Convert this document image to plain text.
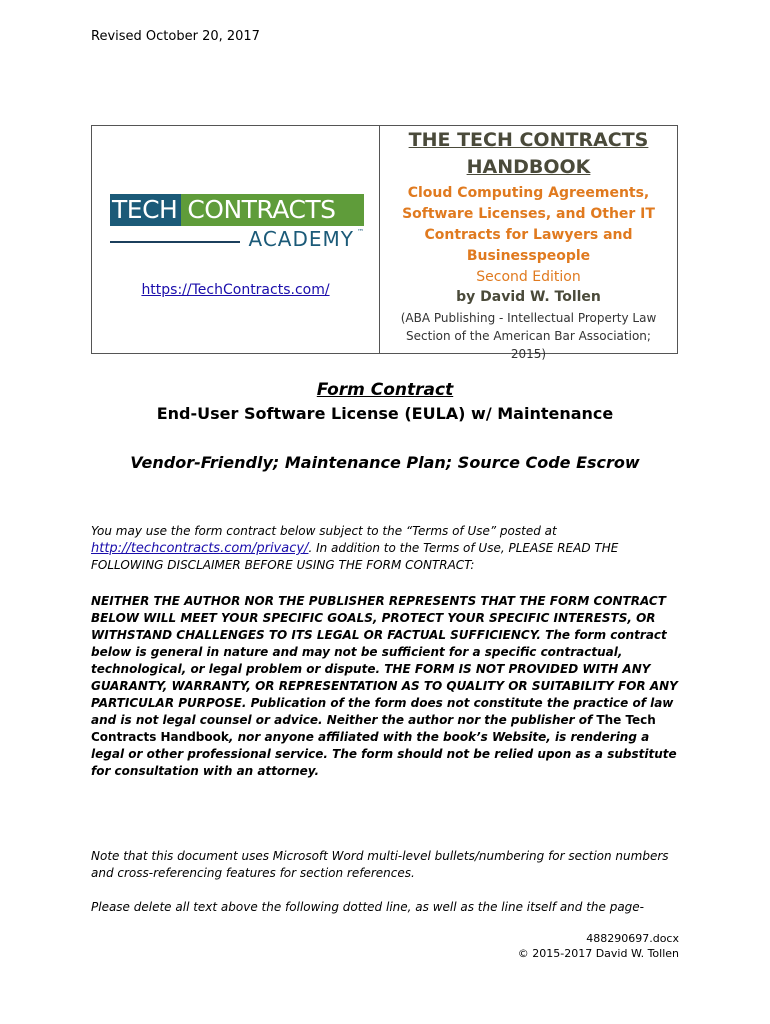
Revised October 20, 2017
TECH CONTRACTS
ACADEMY ™
https://TechContracts.com/
THE TECH CONTRACTS
HANDBOOK
Cloud Computing Agreements,
Software Licenses, and Other IT
Contracts for Lawyers and
Businesspeople
Second Edition
by David W. Tollen
(ABA Publishing - Intellectual Property Law
Section of the American Bar Association;
2015)
Form Contract
End-User Software License (EULA) w/ Maintenance
Vendor-Friendly; Maintenance Plan; Source Code Escrow
You may use the form contract below subject to the “Terms of Use” posted at
http://techcontracts.com/privacy/. In addition to the Terms of Use, PLEASE READ THE FOLLOWING DISCLAIMER BEFORE USING THE FORM CONTRACT:
NEITHER THE AUTHOR NOR THE PUBLISHER REPRESENTS THAT THE FORM CONTRACT BELOW WILL MEET YOUR SPECIFIC GOALS, PROTECT YOUR SPECIFIC INTERESTS, OR WITHSTAND CHALLENGES TO ITS LEGAL OR FACTUAL SUFFICIENCY. The form contract below is general in nature and may not be sufficient for a specific contractual, technological, or legal problem or dispute. THE FORM IS NOT PROVIDED WITH ANY GUARANTY, WARRANTY, OR REPRESENTATION AS TO QUALITY OR SUITABILITY FOR ANY PARTICULAR PURPOSE. Publication of the form does not constitute the practice of law and is not legal counsel or advice. Neither the author nor the publisher of The Tech Contracts Handbook, nor anyone affiliated with the book’s Website, is rendering a legal or other professional service. The form should not be relied upon as a substitute for consultation with an attorney.
Note that this document uses Microsoft Word multi-level bullets/numbering for section numbers and cross-referencing features for section references.
Please delete all text above the following dotted line, as well as the line itself and the page-
488290697.docx
© 2015-2017 David W. Tollen
